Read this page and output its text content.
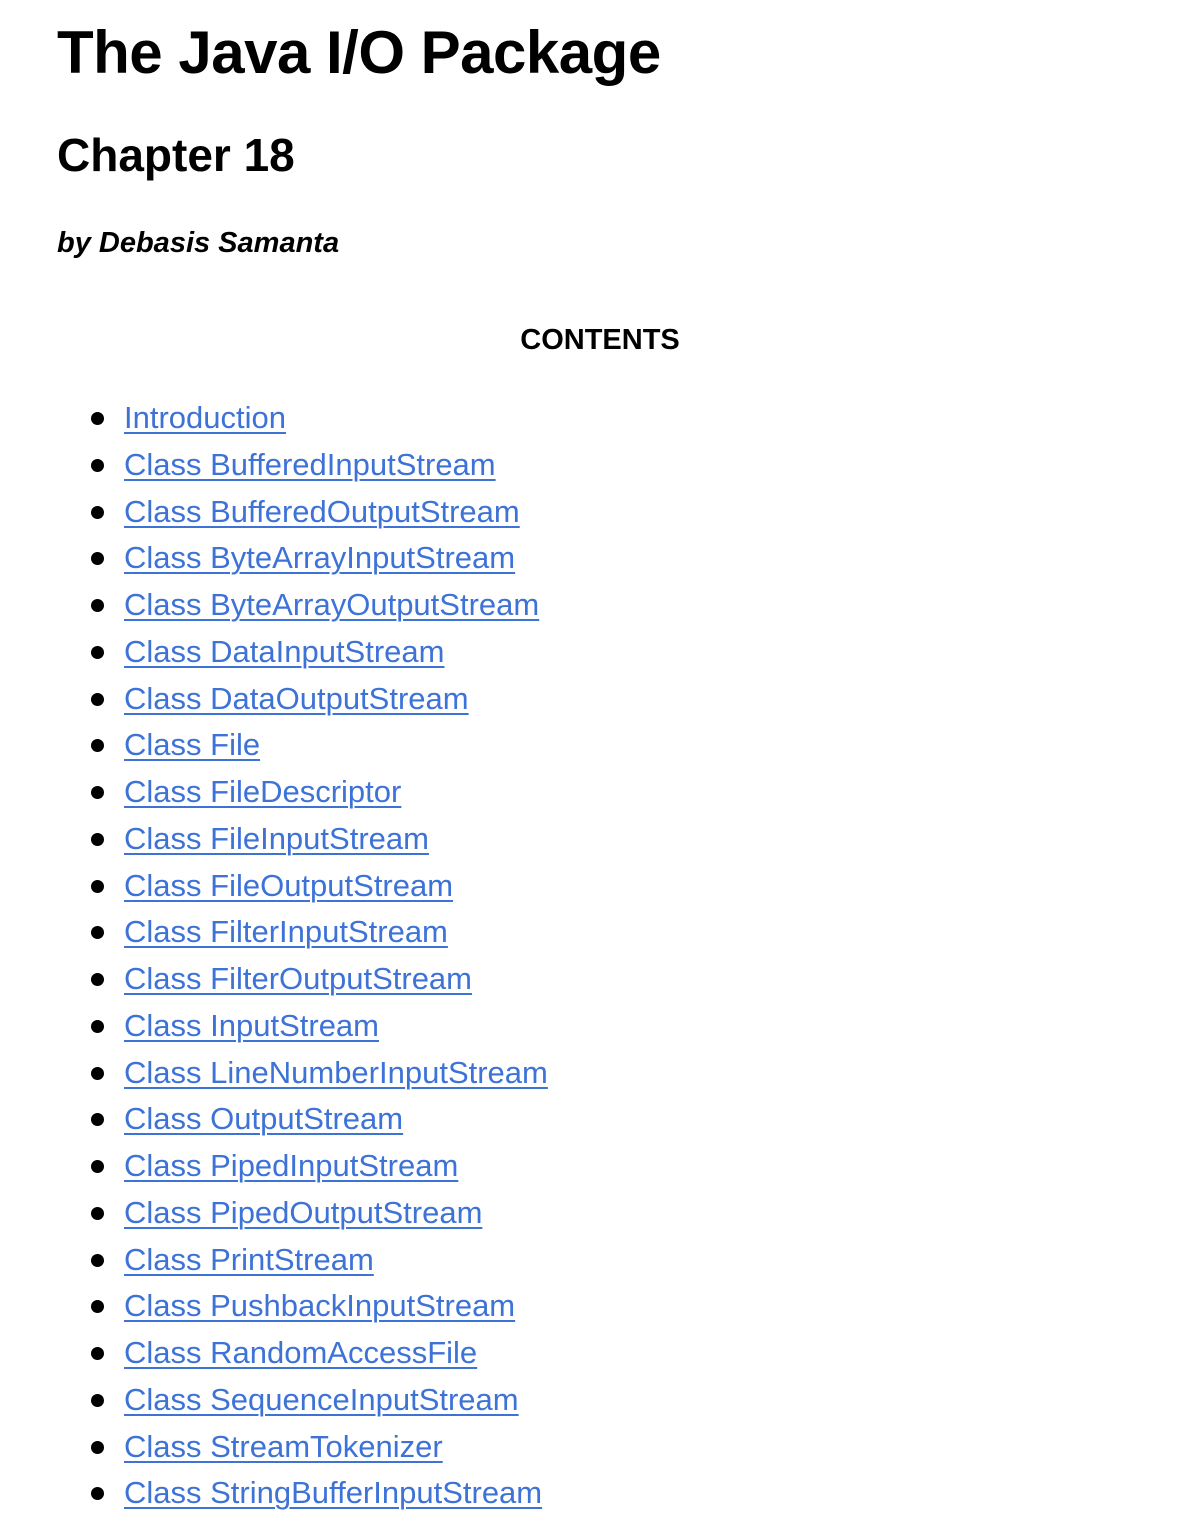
The Java I/O Package
Chapter 18

by Debasis Samanta

CONTENTS
Introduction
Class BufferedInputStream
Class BufferedOutputStream
Class ByteArrayInputStream
Class ByteArrayOutputStream
Class DataInputStream
Class DataOutputStream
Class File
Class FileDescriptor
Class FileInputStream
Class FileOutputStream
Class FilterInputStream
Class FilterOutputStream
Class InputStream
Class LineNumberInputStream
Class OutputStream
Class PipedInputStream
Class PipedOutputStream
Class PrintStream
Class PushbackInputStream
Class RandomAccessFile
Class SequenceInputStream
Class StreamTokenizer
Class StringBufferInputStream
